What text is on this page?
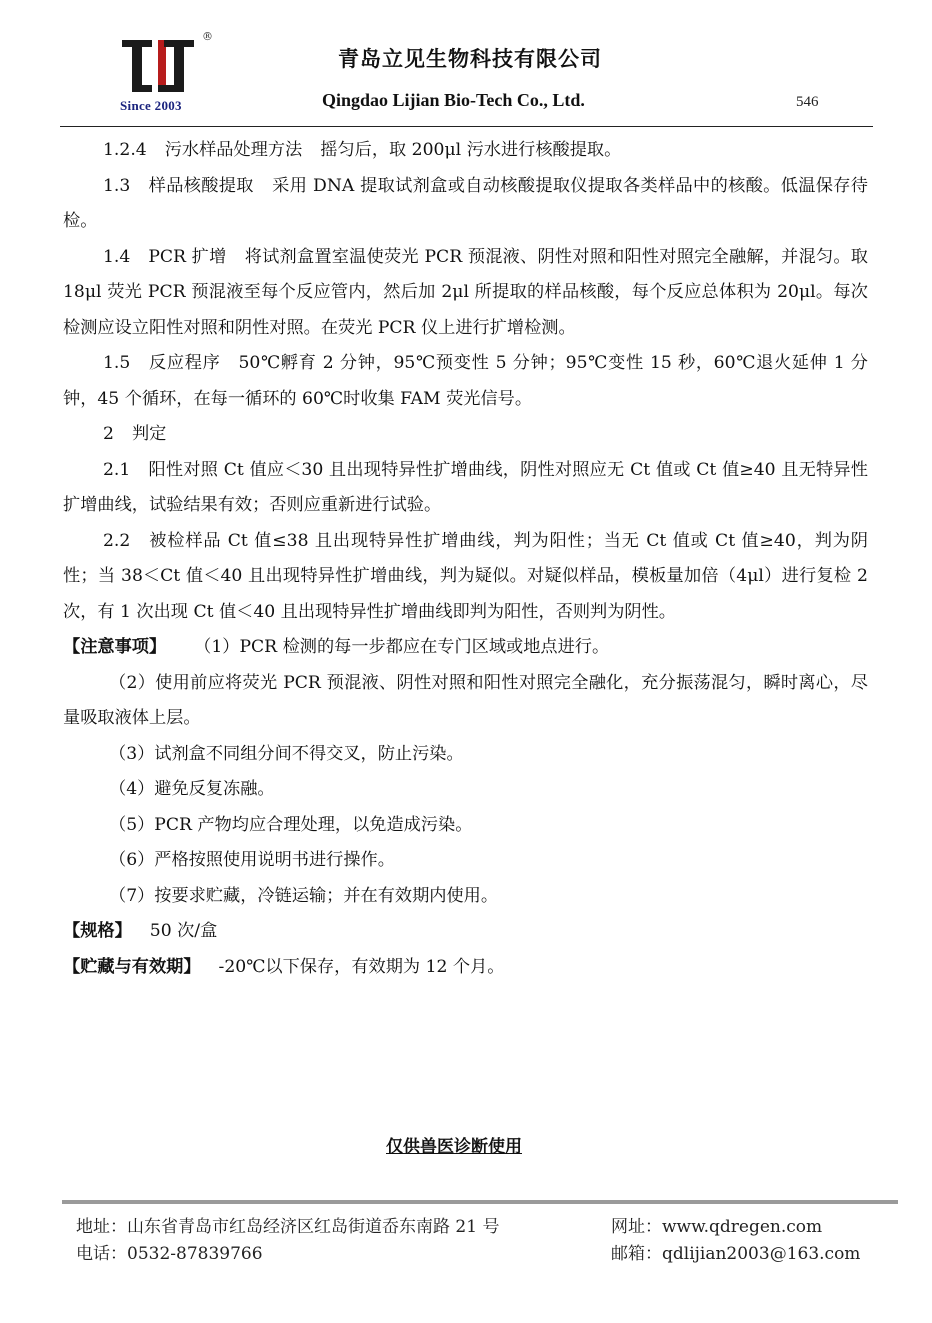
®
Since 2003
青岛立见生物科技有限公司
Qingdao Lijian Bio-Tech Co., Ltd.	546

1.2.4 污水样品处理方法 摇匀后，取 200μl 污水进行核酸提取。

1.3 样品核酸提取 采用 DNA 提取试剂盒或自动核酸提取仪提取各类样品中的核酸。低温保存待检。

1.4 PCR 扩增 将试剂盒置室温使荧光 PCR 预混液、阴性对照和阳性对照完全融解，并混匀。取 18μl 荧光 PCR 预混液至每个反应管内，然后加 2μl 所提取的样品核酸，每个反应总体积为 20μl。每次检测应设立阳性对照和阴性对照。在荧光 PCR 仪上进行扩增检测。

1.5 反应程序 50℃孵育 2 分钟，95℃预变性 5 分钟；95℃变性 15 秒，60℃退火延伸 1 分钟，45 个循环，在每一循环的 60℃时收集 FAM 荧光信号。

2 判定

2.1 阳性对照 Ct 值应＜30 且出现特异性扩增曲线，阴性对照应无 Ct 值或 Ct 值≥40 且无特异性扩增曲线，试验结果有效；否则应重新进行试验。

2.2 被检样品 Ct 值≤38 且出现特异性扩增曲线，判为阳性；当无 Ct 值或 Ct 值≥40，判为阴性；当 38＜Ct 值＜40 且出现特异性扩增曲线，判为疑似。对疑似样品，模板量加倍（4μl）进行复检 2 次，有 1 次出现 Ct 值＜40 且出现特异性扩增曲线即判为阳性，否则判为阴性。

【注意事项】 （1）PCR 检测的每一步都应在专门区域或地点进行。

（2）使用前应将荧光 PCR 预混液、阴性对照和阳性对照完全融化，充分振荡混匀，瞬时离心，尽量吸取液体上层。

（3）试剂盒不同组分间不得交叉，防止污染。

（4）避免反复冻融。

（5）PCR 产物均应合理处理，以免造成污染。

（6）严格按照使用说明书进行操作。

（7）按要求贮藏，冷链运输；并在有效期内使用。

【规格】 50 次/盒

【贮藏与有效期】 -20℃以下保存，有效期为 12 个月。

仅供兽医诊断使用
地址：山东省青岛市红岛经济区红岛街道岙东南路 21 号
电话：0532-87839766
网址：www.qdregen.com
邮箱：qdlijian2003@163.com
